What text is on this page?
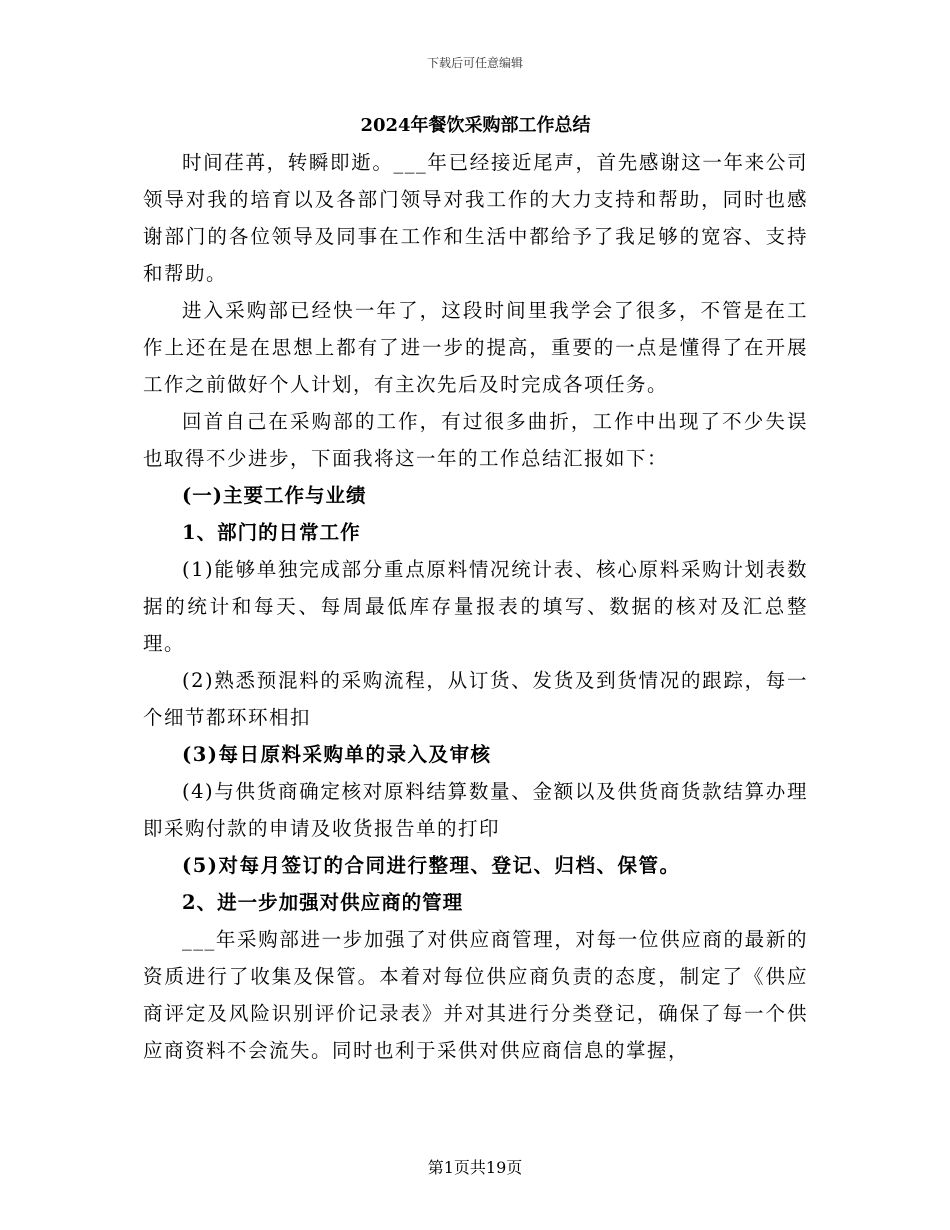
下载后可任意编辑
2024年餐饮采购部工作总结

时间荏苒，转瞬即逝。___年已经接近尾声，首先感谢这一年来公司领导对我的培育以及各部门领导对我工作的大力支持和帮助，同时也感谢部门的各位领导及同事在工作和生活中都给予了我足够的宽容、支持和帮助。

进入采购部已经快一年了，这段时间里我学会了很多，不管是在工作上还在是在思想上都有了进一步的提高，重要的一点是懂得了在开展工作之前做好个人计划，有主次先后及时完成各项任务。

回首自己在采购部的工作，有过很多曲折，工作中出现了不少失误也取得不少进步，下面我将这一年的工作总结汇报如下：

(一)主要工作与业绩

1、部门的日常工作

(1)能够单独完成部分重点原料情况统计表、核心原料采购计划表数据的统计和每天、每周最低库存量报表的填写、数据的核对及汇总整理。

(2)熟悉预混料的采购流程，从订货、发货及到货情况的跟踪，每一个细节都环环相扣

(3)每日原料采购单的录入及审核

(4)与供货商确定核对原料结算数量、金额以及供货商货款结算办理即采购付款的申请及收货报告单的打印

(5)对每月签订的合同进行整理、登记、归档、保管。

2、进一步加强对供应商的管理

___年采购部进一步加强了对供应商管理，对每一位供应商的最新的资质进行了收集及保管。本着对每位供应商负责的态度，制定了《供应商评定及风险识别评价记录表》并对其进行分类登记，确保了每一个供应商资料不会流失。同时也利于采供对供应商信息的掌握，

第1页共19页
